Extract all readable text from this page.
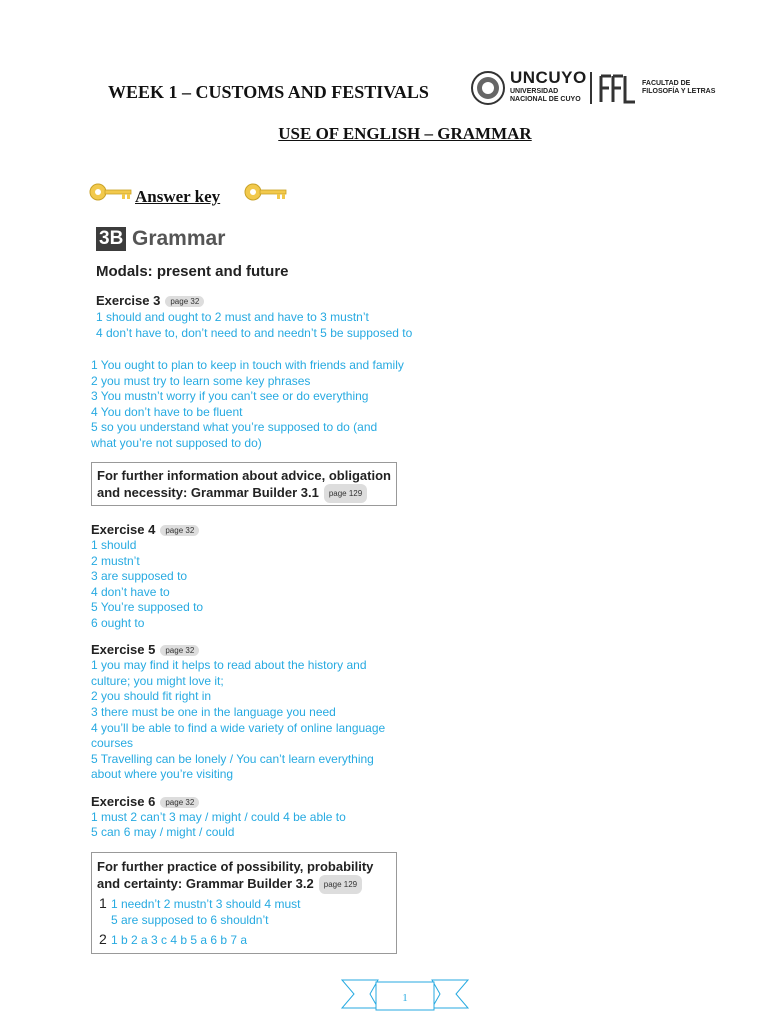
WEEK 1 – CUSTOMS AND FESTIVALS
UNCUYO
UNIVERSIDAD
NACIONAL DE CUYO
FACULTAD DE
FILOSOFÍA Y LETRAS
USE OF ENGLISH – GRAMMAR
Answer key
3B Grammar
Modals: present and future
Exercise 3 page 32
1 should and ought to 2 must and have to 3 mustn’t
4 don’t have to, don’t need to and needn’t 5 be supposed to
1 You ought to plan to keep in touch with friends and family
2 you must try to learn some key phrases
3 You mustn’t worry if you can’t see or do everything
4 You don’t have to be fluent
5 so you understand what you’re supposed to do (and
what you’re not supposed to do)
For further information about advice, obligation
and necessity: Grammar Builder 3.1 page 129
Exercise 4 page 32
1 should
2 mustn’t
3 are supposed to
4 don’t have to
5 You’re supposed to
6 ought to
Exercise 5 page 32
1 you may find it helps to read about the history and
culture; you might love it;
2 you should fit right in
3 there must be one in the language you need
4 you’ll be able to find a wide variety of online language
courses
5 Travelling can be lonely / You can’t learn everything
about where you’re visiting
Exercise 6 page 32
1 must 2 can’t 3 may / might / could 4 be able to
5 can 6 may / might / could
For further practice of possibility, probability
and certainty: Grammar Builder 3.2 page 129
1 1 needn’t 2 mustn’t 3 should 4 must
5 are supposed to 6 shouldn’t
2 1 b 2 a 3 c 4 b 5 a 6 b 7 a
1
